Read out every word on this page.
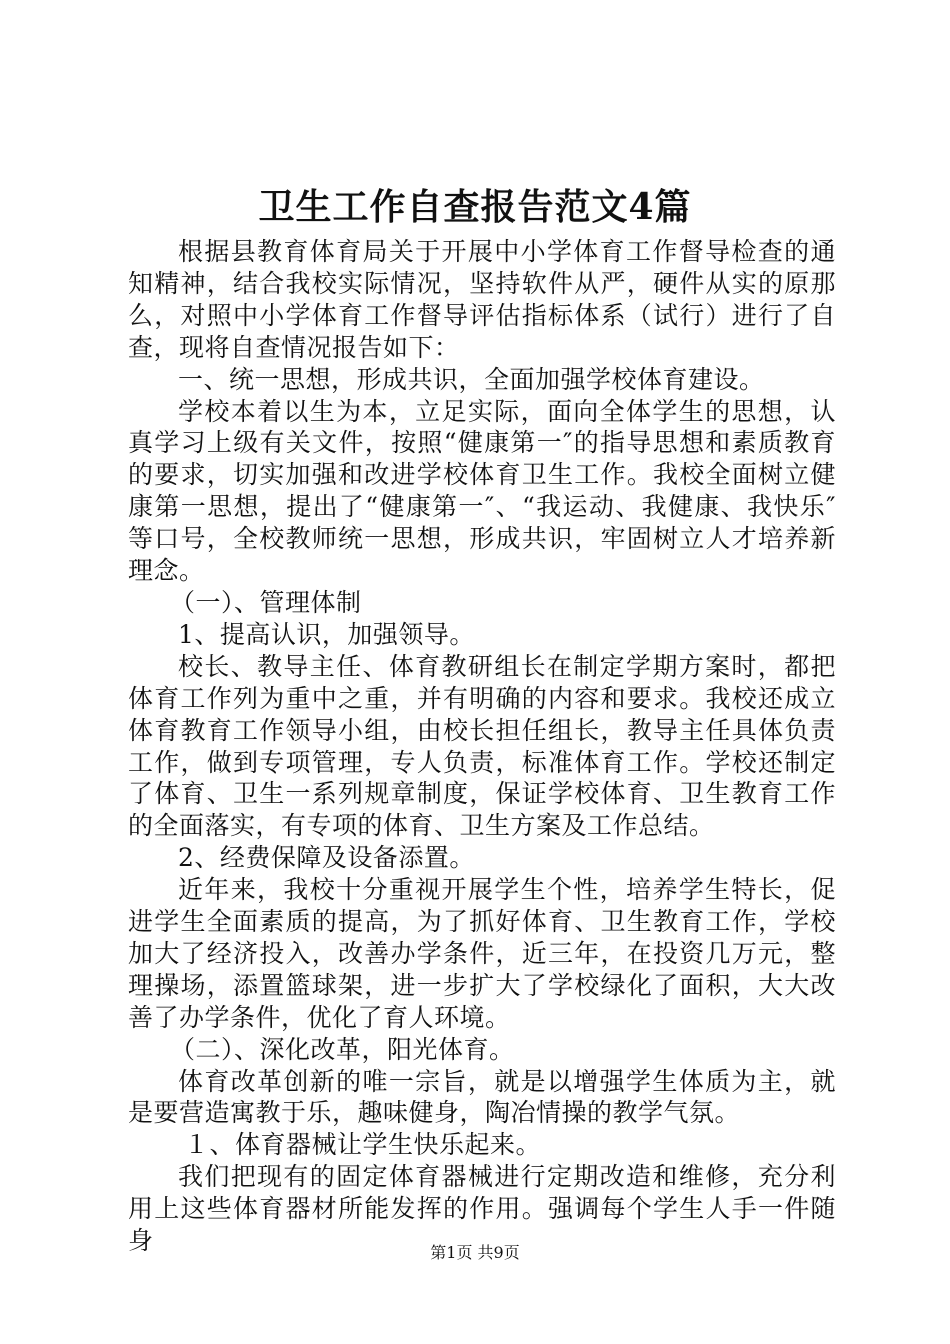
卫生工作自查报告范文4篇

根据县教育体育局关于开展中小学体育工作督导检查的通知精神，结合我校实际情况，坚持软件从严，硬件从实的原那么，对照中小学体育工作督导评估指标体系（试行）进行了自查，现将自查情况报告如下：

一、统一思想，形成共识，全面加强学校体育建设。

学校本着以生为本，立足实际，面向全体学生的思想，认真学习上级有关文件，按照“健康第一″的指导思想和素质教育的要求，切实加强和改进学校体育卫生工作。我校全面树立健康第一思想，提出了“健康第一″、“我运动、我健康、我快乐″等口号，全校教师统一思想，形成共识，牢固树立人才培养新理念。

（一）、管理体制

1、提高认识，加强领导。

校长、教导主任、体育教研组长在制定学期方案时，都把体育工作列为重中之重，并有明确的内容和要求。我校还成立体育教育工作领导小组，由校长担任组长，教导主任具体负责工作，做到专项管理，专人负责，标准体育工作。学校还制定了体育、卫生一系列规章制度，保证学校体育、卫生教育工作的全面落实，有专项的体育、卫生方案及工作总结。

2、经费保障及设备添置。

近年来，我校十分重视开展学生个性，培养学生特长，促进学生全面素质的提高，为了抓好体育、卫生教育工作，学校加大了经济投入，改善办学条件，近三年，在投资几万元，整理操场，添置篮球架，进一步扩大了学校绿化了面积，大大改善了办学条件，优化了育人环境。

（二）、深化改革，阳光体育。

体育改革创新的唯一宗旨，就是以增强学生体质为主，就是要营造寓教于乐，趣味健身，陶冶情操的教学气氛。

１、体育器械让学生快乐起来。

我们把现有的固定体育器械进行定期改造和维修，充分利用上这些体育器材所能发挥的作用。强调每个学生人手一件随身	第1页 共9页
